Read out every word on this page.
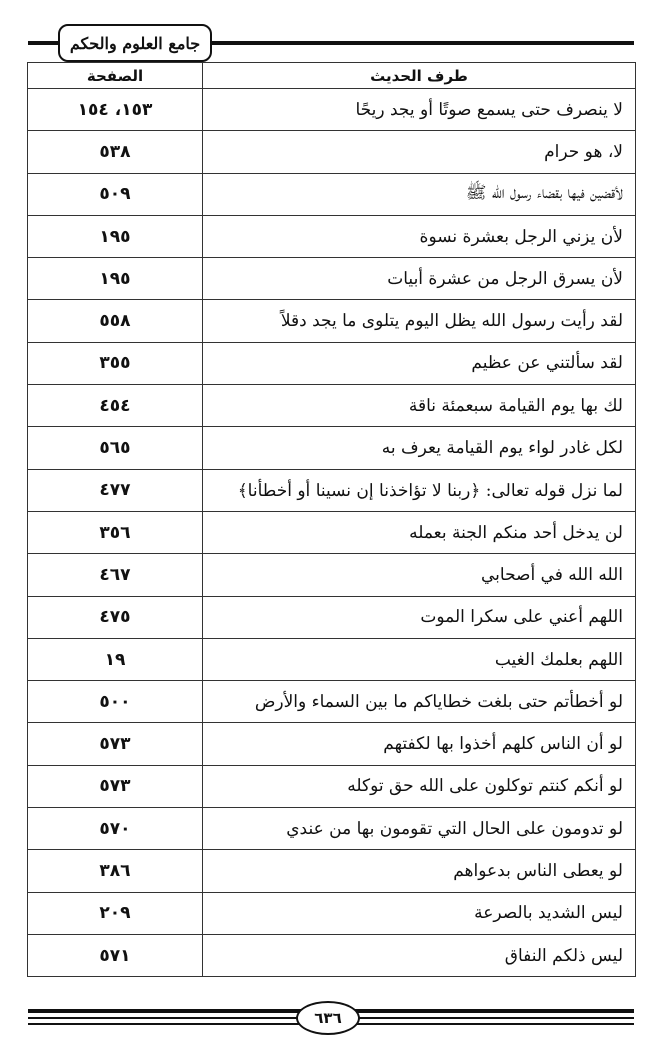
جامع العلوم والحكم
طرف الحديث	الصفحة
لا ينصرف حتى يسمع صوتًا أو يجد ريحًا	١٥٣، ١٥٤
لا، هو حرام	٥٣٨
لأقضين فيها بقضاء رسول الله ﷺ	٥٠٩
لأن يزني الرجل بعشرة نسوة	١٩٥
لأن يسرق الرجل من عشرة أبيات	١٩٥
لقد رأيت رسول الله يظل اليوم يتلوى ما يجد دقلاً	٥٥٨
لقد سألتني عن عظيم	٣٥٥
لك بها يوم القيامة سبعمئة ناقة	٤٥٤
لكل غادر لواء يوم القيامة يعرف به	٥٦٥
لما نزل قوله تعالى: ﴿ربنا لا تؤاخذنا إن نسينا أو أخطأنا﴾	٤٧٧
لن يدخل أحد منكم الجنة بعمله	٣٥٦
الله الله في أصحابي	٤٦٧
اللهم أعني على سكرا الموت	٤٧٥
اللهم بعلمك الغيب	١٩
لو أخطأتم حتى بلغت خطاياكم ما بين السماء والأرض	٥٠٠
لو أن الناس كلهم أخذوا بها لكفتهم	٥٧٣
لو أنكم كنتم توكلون على الله حق توكله	٥٧٣
لو تدومون على الحال التي تقومون بها من عندي	٥٧٠
لو يعطى الناس بدعواهم	٣٨٦
ليس الشديد بالصرعة	٢٠٩
ليس ذلكم النفاق	٥٧١
٦٣٦
